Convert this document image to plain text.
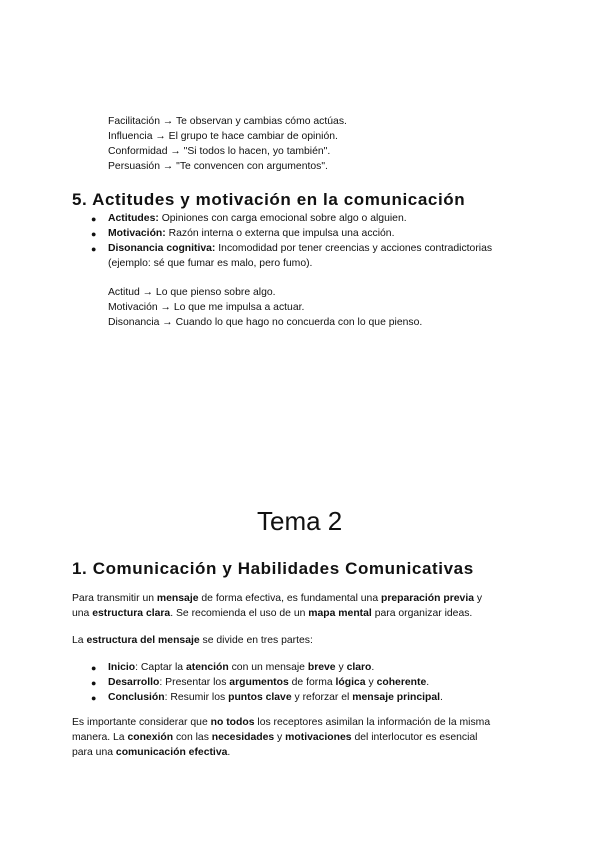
Facilitación → Te observan y cambias cómo actúas.
Influencia → El grupo te hace cambiar de opinión.
Conformidad → "Si todos lo hacen, yo también".
Persuasión → "Te convencen con argumentos".
5. Actitudes y motivación en la comunicación
● Actitudes: Opiniones con carga emocional sobre algo o alguien.
● Motivación: Razón interna o externa que impulsa una acción.
● Disonancia cognitiva: Incomodidad por tener creencias y acciones contradictorias
(ejemplo: sé que fumar es malo, pero fumo).
Actitud → Lo que pienso sobre algo.
Motivación → Lo que me impulsa a actuar.
Disonancia → Cuando lo que hago no concuerda con lo que pienso.
Tema 2
1. Comunicación y Habilidades Comunicativas
Para transmitir un mensaje de forma efectiva, es fundamental una preparación previa y
una estructura clara. Se recomienda el uso de un mapa mental para organizar ideas.
La estructura del mensaje se divide en tres partes:
● Inicio: Captar la atención con un mensaje breve y claro.
● Desarrollo: Presentar los argumentos de forma lógica y coherente.
● Conclusión: Resumir los puntos clave y reforzar el mensaje principal.
Es importante considerar que no todos los receptores asimilan la información de la misma
manera. La conexión con las necesidades y motivaciones del interlocutor es esencial
para una comunicación efectiva.
